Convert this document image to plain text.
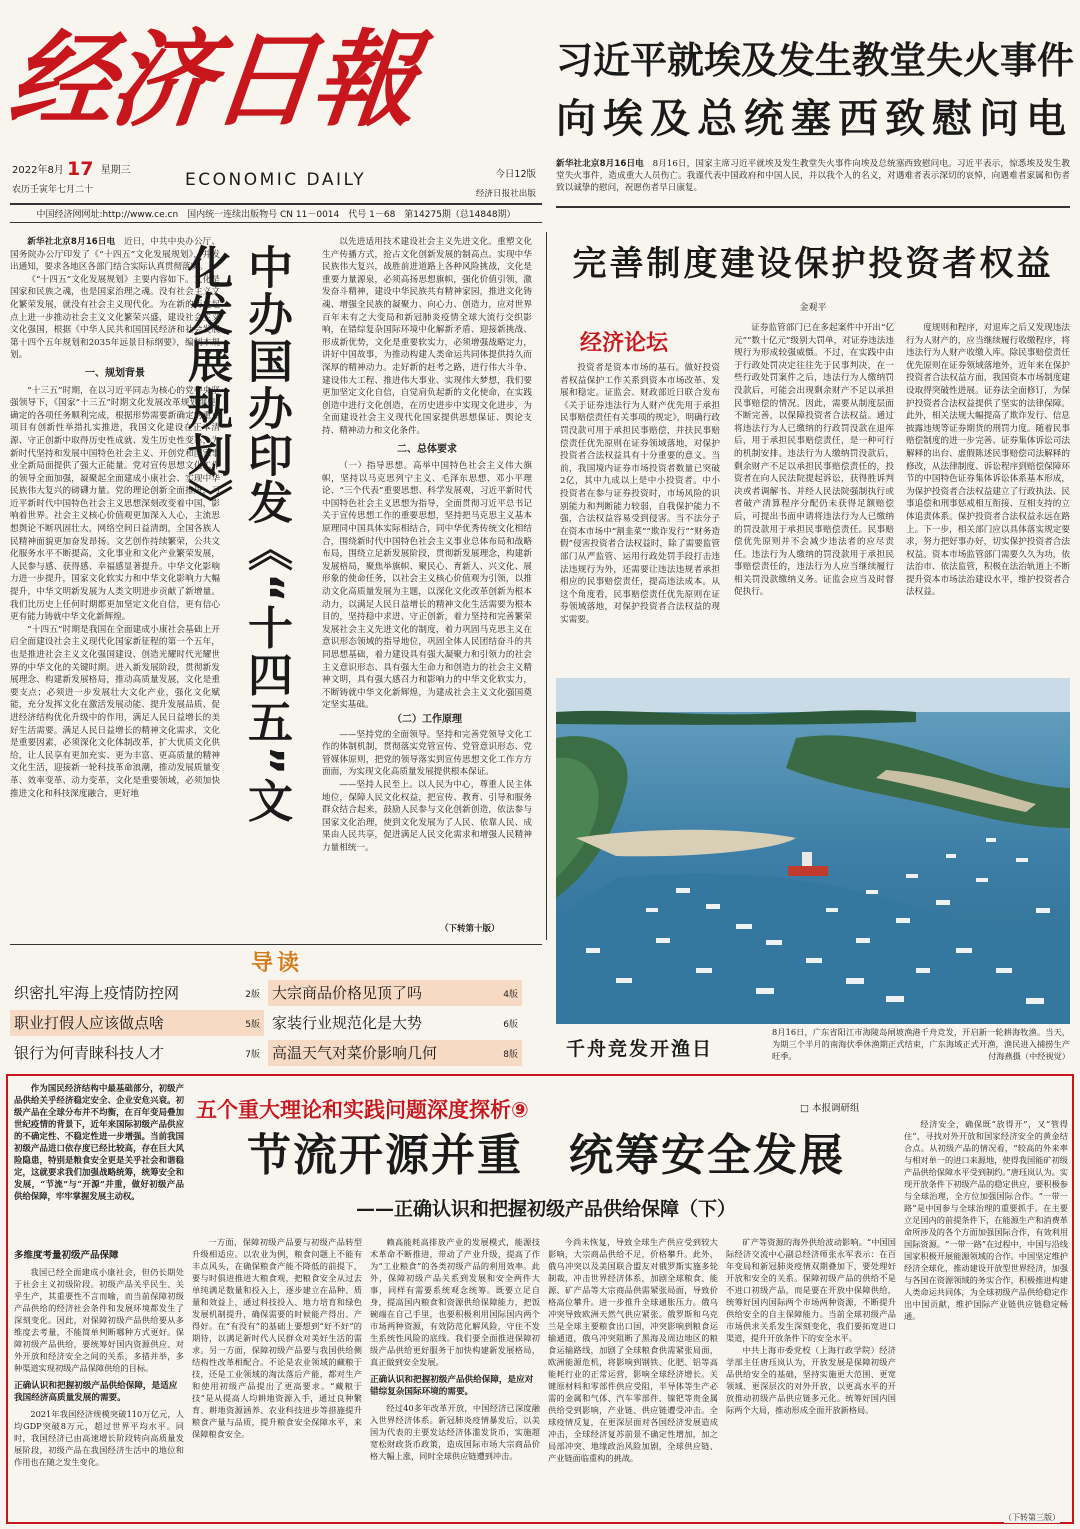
经济日報
2022年8月 17 星期三
农历壬寅年七月二十	ECONOMIC DAILY	今日12版
经济日报社出版
中国经济网网址:http://www.ce.cn　国内统一连续出版物号 CN 11－0014　代号 1－68　第14275期（总14848期）
习近平就埃及发生教堂失火事件
向埃及总统塞西致慰问电
新华社北京8月16日电　 8月16日，国家主席习近平就埃及发生教堂失火事件向埃及总统塞西致慰问电。习近平表示，惊悉埃及发生教堂失火事件，造成重大人员伤亡。我谨代表中国政府和中国人民，并以我个人的名义，对遇难者表示深切的哀悼，向遇难者家属和伤者致以诚挚的慰问，祝愿伤者早日康复。

新华社北京8月16日电　 近日，中共中央办公厅、国务院办公厅印发了《“十四五”文化发展规划》，并发出通知，要求各地区各部门结合实际认真贯彻落实。

《“十四五”文化发展规划》主要内容如下。文化是国家和民族之魂，也是国家治理之魂。没有社会主义文化繁荣发展，就没有社会主义现代化。为在新的历史起点上进一步推动社会主义文化繁荣兴盛，建设社会主义文化强国，根据《中华人民共和国国民经济和社会发展第十四个五年规划和2035年远景目标纲要》，编制本规划。

一、规划背景

“十三五”时期，在以习近平同志为核心的党中央坚强领导下，《国家“十三五”时期文化发展改革规划纲要》确定的各项任务顺利完成，根据形势需要新确定的重点项目有创新性举措扎实推进，我国文化建设在正本清源、守正创新中取得历史性成就、发生历史性变革，为新时代坚持和发展中国特色社会主义、开创党和国家事业全新局面提供了强大正能量。党对宣传思想文化工作的领导全面加强，凝聚起全面建成小康社会、实现中华民族伟大复兴的磅礴力量。党的理论创新全面推进，习近平新时代中国特色社会主义思想深刻改变着中国，影响着世界。社会主义核心价值观更加深入人心，主流思想舆论不断巩固壮大，网络空间日益清朗，全国各族人民精神面貌更加奋发昂扬。文艺创作持续繁荣，公共文化服务水平不断提高，文化事业和文化产业繁荣发展，人民参与感、获得感、幸福感显著提升。中华文化影响力进一步提升，国家文化软实力和中华文化影响力大幅提升，中华文明新发展为人类文明进步贡献了新增量。我们比历史上任何时期都更加坚定文化自信，更有信心更有能力铸就中华文化新辉煌。

“十四五”时期是我国在全面建成小康社会基础上开启全面建设社会主义现代化国家新征程的第一个五年，也是推进社会主义文化强国建设、创造光耀时代光耀世界的中华文化的关键时期。进入新发展阶段，贯彻新发展理念、构建新发展格局，推动高质量发展，文化是重要支点；必须进一步发展壮大文化产业，强化文化赋能，充分发挥文化在激活发展动能、提升发展品质、促进经济结构优化升级中的作用，满足人民日益增长的美好生活需要。满足人民日益增长的精神文化需求，文化是重要因素，必须深化文化体制改革，扩大优质文化供给，让人民享有更加充实、更为丰富、更高质量的精神文化生活，迎接新一轮科技革命浪潮，推动发展质量变革、效率变革、动力变革，文化是重要领域，必须加快推进文化和科技深度融合，更好地	中办国办印发《“十四五”文化发展规划》

以先进适用技术建设社会主义先进文化。重塑文化生产传播方式，抢占文化创新发展的制高点。实现中华民族伟大复兴，战胜前进道路上各种风险挑战，文化是重要力量源泉，必须高扬思想旗帜，强化价值引领，激发奋斗精神，建设中华民族共有精神家园，推进文化铸魂、增强全民族的凝聚力、向心力、创造力，应对世界百年未有之大变局和新冠肺炎疫情全球大流行交织影响，在错综复杂国际环境中化解新矛盾、迎接新挑战、形成新优势，文化是重要软实力，必须增强战略定力，讲好中国故事，为推动构建人类命运共同体提供持久而深厚的精神动力。走好新的赶考之路，进行伟大斗争、建设伟大工程、推进伟大事业、实现伟大梦想，我们要更加坚定文化自信，自觉肩负起新的文化使命，在实践创造中进行文化创造，在历史进步中实现文化进步，为全面建设社会主义现代化国家提供思想保证、舆论支持、精神动力和文化条件。

二、总体要求

（一）指导思想。高举中国特色社会主义伟大旗帜，坚持以马克思列宁主义、毛泽东思想、邓小平理论、“三个代表”重要思想、科学发展观，习近平新时代中国特色社会主义思想为指导，全面贯彻习近平总书记关于宣传思想工作的重要思想，坚持把马克思主义基本原理同中国具体实际相结合，同中华优秀传统文化相结合，围绕新时代中国特色社会主义事业总体布局和战略布局，围绕立足新发展阶段，贯彻新发展理念，构建新发展格局，聚焦举旗帜、聚民心、育新人、兴文化、展形象的使命任务，以社会主义核心价值观为引领，以推动文化高质量发展为主题，以深化文化改革创新为根本动力，以满足人民日益增长的精神文化生活需要为根本目的，坚持稳中求进、守正创新，着力坚持和完善繁荣发展社会主义先进文化的制度，着力巩固马克思主义在意识形态领域的指导地位，巩固全体人民团结奋斗的共同思想基础，着力建设具有强大凝聚力和引领力的社会主义意识形态、具有强大生命力和创造力的社会主义精神文明，具有强大感召力和影响力的中华文化软实力，不断铸就中华文化新辉煌，为建成社会主义文化强国奠定坚实基础。

（二）工作原理

——坚持党的全面领导。坚持和完善党领导文化工作的体制机制，贯彻落实党管宣传、党管意识形态、党管媒体原则，把党的领导落实到宣传思想文化工作方方面面，为实现文化高质量发展提供根本保证。

——坚持人民至上。以人民为中心，尊重人民主体地位，保障人民文化权益，把宣传、教育、引导和服务群众结合起来，鼓励人民参与文化创新创造，依法参与国家文化治理，使到文化发展为了人民、依靠人民、成果由人民共享，促进满足人民文化需求和增强人民精神力量相统一。

（下转第十版）
完善制度建设保护投资者权益
金观平
经济论坛

投资者是资本市场的基石。做好投资者权益保护工作关系到资本市场改革、发展和稳定。证监会、财政部近日联合发布《关于证券违法行为人财产优先用于承担民事赔偿责任有关事项的规定》，明确行政罚没款可用于承担民事赔偿，并扶民事赔偿责任优先原则在证券领域落地，对保护投资者合法权益具有十分重要的意义。当前，我国境内证券市场投资者数量已突破2亿，其中九成以上是中小投资者。中小投资者在参与证券投资时，市场风险的识别能力和判断能力较弱，自我保护能力不强，合法权益容易受到侵害。当不法分子在资本市场中“割韭菜”“欺诈发行”“财务造假”侵害投资者合法权益时，除了需要监管部门从严监管、运用行政处罚手段打击违法违规行为外，还需要让违法违规者承担相应的民事赔偿责任，提高违法成本。从这个角度看，民事赔偿责任优先原则在证券领域落地，对保护投资者合法权益的现实需要。

证券监管部门已在多起案件中开出“亿元”“数十亿元”级别大罚单，对证券违法违规行为形成较强威慑。不过，在实践中由于行政处罚决定往往先于民事判决，在一些行政处罚案件之后，违法行为人缴纳罚没款后，可能会出现剩余财产不足以承担民事赔偿的情况。因此，需要从制度层面不断完善，以保障投资者合法权益。通过将违法行为人已缴纳的行政罚没款在退库后，用于承担民事赔偿责任，是一种可行的机制安排。违法行为人缴纳罚没款后，剩余财产不足以承担民事赔偿责任的，投资者在向人民法院提起诉讼，获得胜诉判决或者调解书、并经人民法院强制执行或者破产清算程序分配仍未获得足额赔偿后，可提出书面申请将违法行为人已缴纳的罚没款用于承担民事赔偿责任。民事赔偿优先原则并不会减少违法者的应尽责任。违法行为人缴纳的罚没款用于承担民事赔偿责任的，违法行为人应当继续履行相关罚没款缴纳义务。证监会应当及时督促执行。

度规则和程序，对退库之后又发现违法行为人财产的，应当继续履行收缴程序，将违法行为人财产收缴入库。除民事赔偿责任优先原则在证券领域落地外，近年来在保护投资者合法权益方面，我国资本市场制度建设取得突破性进展。证券法全面修订，为保护投资者合法权益提供了坚实的法律保障。此外，相关法规大幅提高了欺诈发行、信息披露违规等证券期货的刑罚力度。随着民事赔偿制度的进一步完善、证券集体诉讼司法解释的出台、虚假陈述民事赔偿司法解释的修改，从法律制度、诉讼程序到赔偿保障环节的中国特色证券集体诉讼体系基本形成，为保护投资者合法权益建立了行政执法、民事追偿和刑事惩戒相互衔接、互相支持的立体追责体系。保护投资者合法权益永远在路上。下一步，相关部门应以具体落实规定要求，努力把好事办好，切实保护投资者合法权益。资本市场监管部门需要久久为功，依法治市、依法监管，积极在法治轨道上不断提升资本市场法治建设水平，维护投资者合法权益。

千舟竞发开渔日
8月16日，广东省阳江市海陵岛闸坡渔港千舟竞发，开启新一轮耕海牧渔。当天，为期三个半月的南海伏季休渔期正式结束，广东海域正式开渔，渔民进入捕捞生产旺季。	付海燕摄（中经视觉）
导读
织密扎牢海上疫情防控网	2版 大宗商品价格见顶了吗	4版
职业打假人应该做点啥	5版 家装行业规范化是大势	6版
银行为何青睐科技人才	7版 高温天气对菜价影响几何	8版

作为国民经济结构中最基础部分，初级产品供给关乎经济稳定安全、企业安危兴衰。初级产品在全球分布并不均衡，在百年变局叠加世纪疫情的背景下，近年来国际初级产品供应的不确定性、不稳定性进一步增强。当前我国初级产品进口依存度已经比较高，存在巨大风险隐患，特别是粮食安全更是关乎社会和谐稳定，这就要求我们加强战略统筹，统筹安全和发展，“节流”与“开源”并重，做好初级产品供给保障，牢牢掌握发展主动权。

五个重大理论和实践问题深度探析⑨	□ 本报调研组
节流开源并重　统筹安全发展
——正确认识和把握初级产品供给保障（下）

经济安全，确保既“放得开”，又“管得住”，寻找对外开放和国家经济安全的黄金结合点。从初级产品的情况看，“较高的外来率与相对单一的进口来源地，使得我国能矿初级产品供给保障水平受到制约。”唐珏岚认为。实现开放条件下初级产品的稳定供应，要积极参与全球治理，全方位加强国际合作。“一带一路”是中国参与全球治理的重要抓手。在主要立足国内的前提条件下，在能源生产和消费革命所涉及的各个方面加强国际合作，有效利用国际资源。“一带一路”在过程中，中国与沿线国家积极开展能源领域的合作。中国坚定维护经济全球化，推动建设开放型世界经济，加强与各国在资源领域的务实合作，积极推进构建人类命运共同体，为全球初级产品供给稳定作出中国贡献，维护国际产业链供应链稳定畅通。

多维度考量初级产品保障

我国已经全面建成小康社会，但仍长期处于社会主义初级阶段。初级产品关乎民生、关乎生产，其重要性不言而喻，而当前保障初级产品供给的经济社会条件和发展环境都发生了深刻变化。因此，对保障初级产品供给要从多维度去考量，不能简单判断哪种方式更好。保障初级产品供给，要统筹好国内资源供应、对外开放和经济安全之间的关系，多措并举，多种渠道实现初级产品保障供给的目标。

正确认识和把握初级产品供给保障，是适应我国经济高质量发展的需要。

2021年我国经济规模突破110万亿元，人均GDP突破8万元，超过世界平均水平。同时，我国经济已由高速增长阶段转向高质量发展阶段，初级产品在我国经济生活中的地位和作用也在随之发生变化。

一方面，保障初级产品要与初级产品转型升级相适应。以农业为例，粮食问题上不能有丰点风头，在确保粮食产能不降低的前提下，要与时俱进推进大粮食观，把粮食安全从过去单纯满足数量和投入上，逐步建立在品种、质量和效益上，通过科技投入、地力培育和绿色发展机制提升，确保需要的时候能产得出、产得好。在“有没有”的基础上要想到“好不好”的期待，以满足新时代人民群众对美好生活的需求。另一方面，保障初级产品要与我国供给侧结构性改革相配合。不论是农业领域的藏粮于技，还是工业领域的淘汰落后产能，都对生产和使用初级产品提出了更高要求。“藏粮于技”是从提高人均耕地资源入手，通过良种繁育、耕地资源涵养、农业科技进步等措施提升粮食产量与品质，提升粮食安全保障水平，来保障粮食安全。

赖高能耗高排放产业的发展模式，能源技术革命不断推进，带动了产业升级，提高了作为“工业粮食”的各类初级产品的利用效率。此外，保障初级产品关系到发展和安全两件大事，同样有需要系统观念统筹。既要立足自身，提高国内粮食和资源供给保障能力，把饭碗端在自己手里，也要积极利用国际国内两个市场两种资源，有效防范化解风险，守住不发生系统性风险的底线。我们要全面推进保障初级产品供给更好服务于加快构建新发展格局，真正做到安全发展。

正确认识和把握初级产品供给保障，是应对错综复杂国际环境的需要。

经过40多年改革开放，中国经济已深度融入世界经济体系。新冠肺炎疫情暴发后，以美国为代表的主要发达经济体滥发货币，实施超宽松财政货币政策，造成国际市场大宗商品价格大幅上涨，同时全球供应链遭到冲击。

今尚未恢复，导致全球生产供应受到较大影响，大宗商品供给不足，价格攀升。此外，俄乌冲突以及美国联合盟友对俄罗斯实施多轮制裁，冲击世界经济体系，加剧全球粮食、能源、矿产品等大宗商品供需紧张局面，导致价格高位攀升。进一步推升全球通胀压力。俄乌冲突导致欧洲天然气供应紧张。俄罗斯和乌克兰是全球主要粮食出口国，冲突影响到粮食运输通道，俄乌冲突阻断了黑海及周边地区的粮食运输路线，加剧了全球粮食供需紧张局面，欧洲能源危机，将影响到钢铁、化肥、铝等高能耗行业的正常运营，影响全球经济增长。关键原材料和零部件供应受阻，半导体等生产必需的金属和气体、汽车零部件、镍钯等贵金属供给受到影响，产业链、供应链遭受冲击。全球疫情反复，在更深层面对各国经济发展造成冲击，全球经济复苏前景不确定性增加，加之局部冲突、地缘政治风险加剧，全球供应链、产业链面临重构的挑战。

矿产等资源的海外供给波动影响。“中国国际经济交流中心副总经济师张永军表示：在百年变局和新冠肺炎疫情双期叠加下，要处理好开放和安全的关系。保障初级产品的供给不是不进口初级产品，而是要在开放中保障供给，统筹好国内国际两个市场两种资源，不断提升供给安全的自主保障能力。当前全球初级产品市场供求关系发生深刻变化，我们要拓宽进口渠道，提升开放条件下的安全水平。

中共上海市委党校（上海行政学院）经济学部主任唐珏岚认为，开放发展是保障初级产品供给安全的基础，坚持实施更大范围、更宽领域、更深层次的对外开放，以更高水平的开放推动初级产品供应链多元化。统筹好国内国际两个大局，推动形成全面开放新格局。

（下转第三版）
